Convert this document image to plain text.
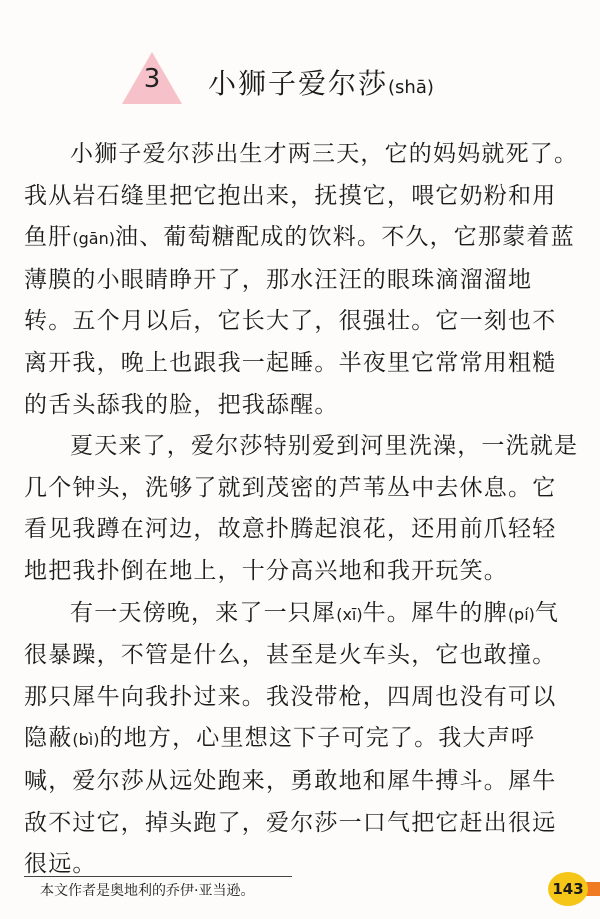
3	小狮子爱尔莎(shā)

小狮子爱尔莎出生才两三天，它的妈妈就死了。我从岩石缝里把它抱出来，抚摸它，喂它奶粉和用鱼肝(gān)油、葡萄糖配成的饮料。不久，它那蒙着蓝薄膜的小眼睛睁开了，那水汪汪的眼珠滴溜溜地转。五个月以后，它长大了，很强壮。它一刻也不离开我，晚上也跟我一起睡。半夜里它常常用粗糙的舌头舔我的脸，把我舔醒。

夏天来了，爱尔莎特别爱到河里洗澡，一洗就是几个钟头，洗够了就到茂密的芦苇丛中去休息。它看见我蹲在河边，故意扑腾起浪花，还用前爪轻轻地把我扑倒在地上，十分高兴地和我开玩笑。

有一天傍晚，来了一只犀(xī)牛。犀牛的脾(pí)气很暴躁，不管是什么，甚至是火车头，它也敢撞。那只犀牛向我扑过来。我没带枪，四周也没有可以隐蔽(bì)的地方，心里想这下子可完了。我大声呼喊，爱尔莎从远处跑来，勇敢地和犀牛搏斗。犀牛敌不过它，掉头跑了，爱尔莎一口气把它赶出很远很远。

本文作者是奥地利的乔伊·亚当逊。	143
